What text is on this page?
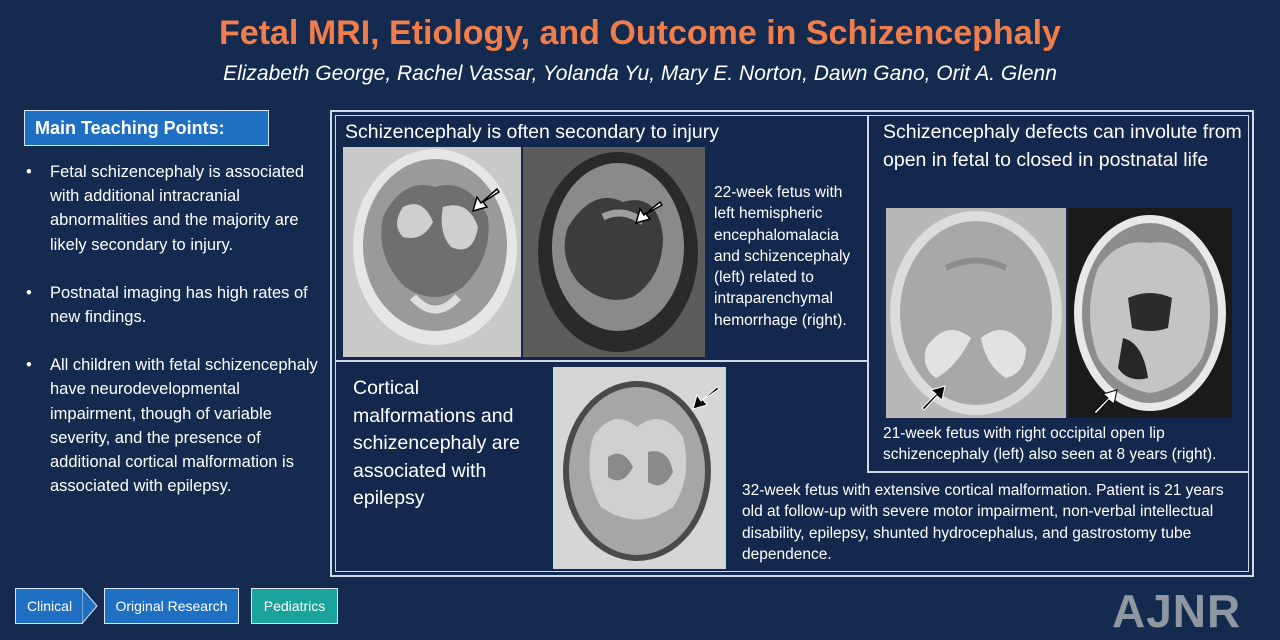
Fetal MRI, Etiology, and Outcome in Schizencephaly
Elizabeth George, Rachel Vassar, Yolanda Yu, Mary E. Norton, Dawn Gano, Orit A. Glenn
Main Teaching Points:
• Fetal schizencephaly is associated with additional intracranial abnormalities and the majority are likely secondary to injury.
• Postnatal imaging has high rates of new findings.
• All children with fetal schizencephaly have neurodevelopmental impairment, though of variable severity, and the presence of additional cortical malformation is associated with epilepsy.
Schizencephaly is often secondary to injury
22-week fetus with left hemispheric encephalomalacia and schizencephaly (left) related to intraparenchymal hemorrhage (right).
Schizencephaly defects can involute from open in fetal to closed in postnatal life
21-week fetus with right occipital open lip schizencephaly (left) also seen at 8 years (right).
Cortical malformations and schizencephaly are associated with epilepsy	32-week fetus with extensive cortical malformation. Patient is 21 years old at follow-up with severe motor impairment, non-verbal intellectual disability, epilepsy, shunted hydrocephalus, and gastrostomy tube dependence.
Clinical	Original Research	Pediatrics	AJNR
